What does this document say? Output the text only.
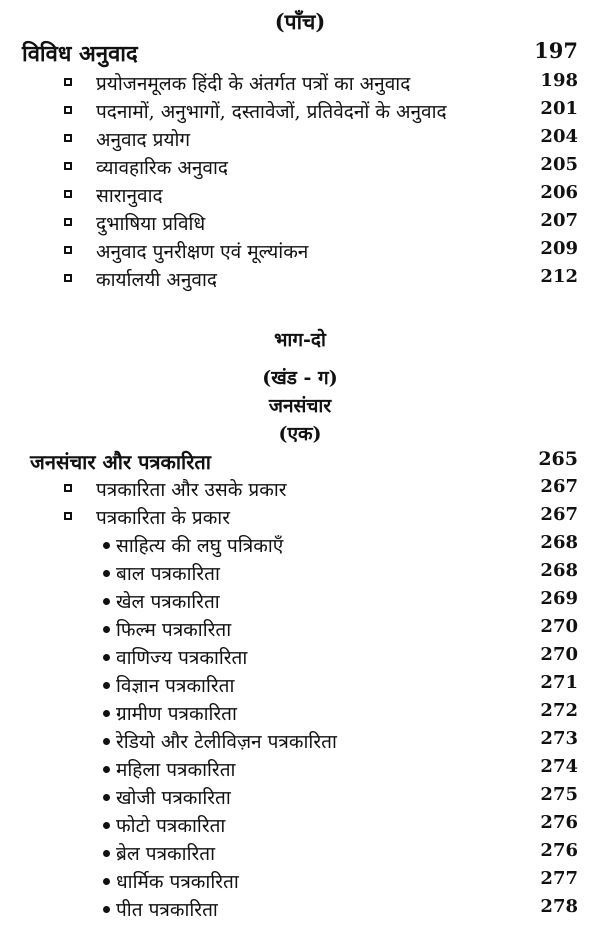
(पाँच)
विविध अनुवाद	197
प्रयोजनमूलक हिंदी के अंतर्गत पत्रों का अनुवाद	198
पदनामों, अनुभागों, दस्तावेजों, प्रतिवेदनों के अनुवाद	201
अनुवाद प्रयोग	204
व्यावहारिक अनुवाद	205
सारानुवाद	206
दुभाषिया प्रविधि	207
अनुवाद पुनरीक्षण एवं मूल्यांकन	209
कार्यालयी अनुवाद	212
भाग-दो
(खंड - ग)
जनसंचार
(एक)
जनसंचार और पत्रकारिता	265
पत्रकारिता और उसके प्रकार	267
पत्रकारिता के प्रकार	267
साहित्य की लघु पत्रिकाएँ	268
बाल पत्रकारिता	268
खेल पत्रकारिता	269
फिल्म पत्रकारिता	270
वाणिज्य पत्रकारिता	270
विज्ञान पत्रकारिता	271
ग्रामीण पत्रकारिता	272
रेडियो और टेलीविज़न पत्रकारिता	273
महिला पत्रकारिता	274
खोजी पत्रकारिता	275
फोटो पत्रकारिता	276
ब्रेल पत्रकारिता	276
धार्मिक पत्रकारिता	277
पीत पत्रकारिता	278
